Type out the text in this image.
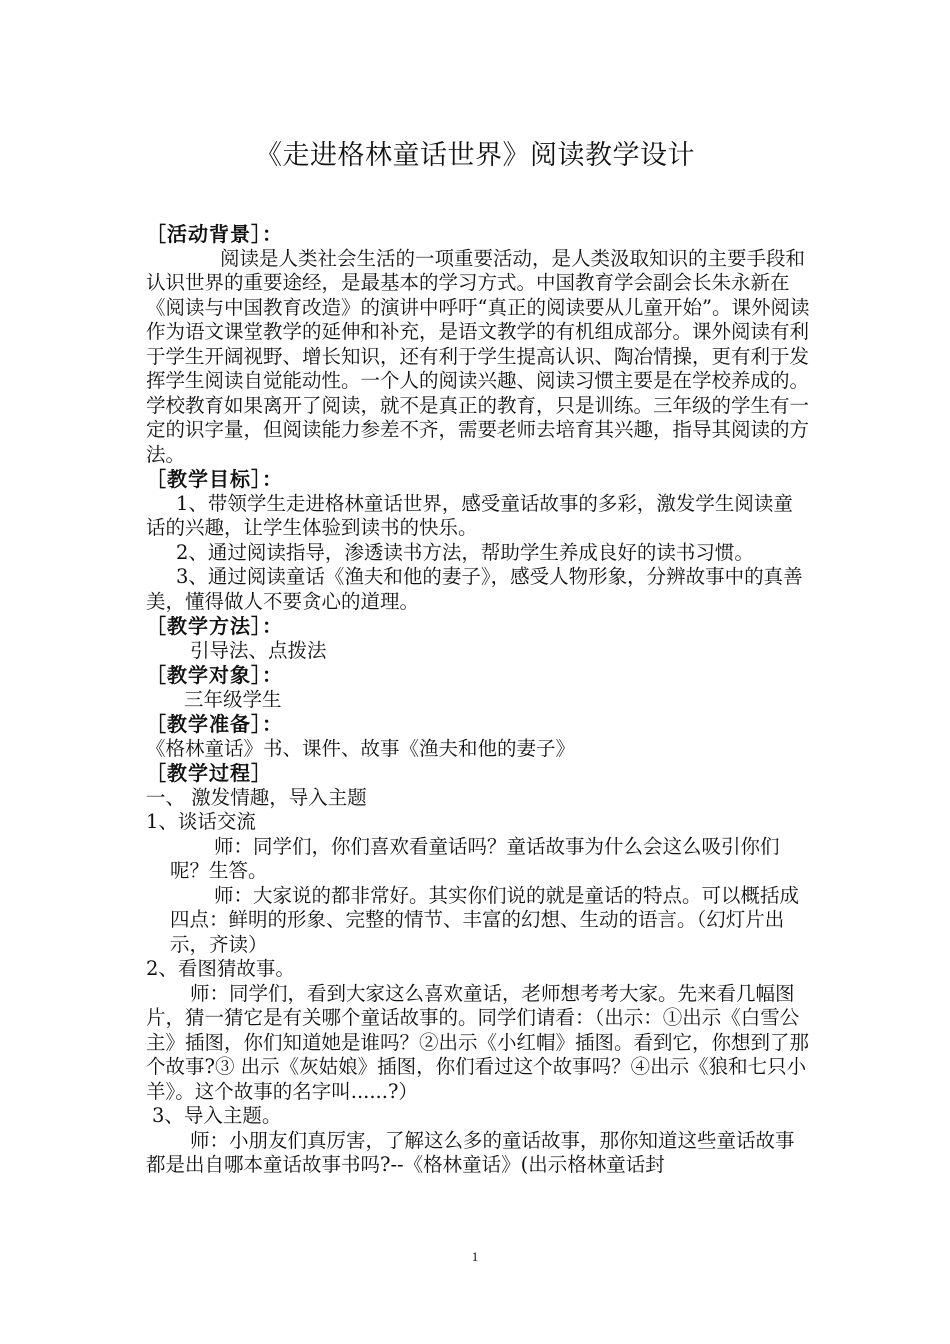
《走进格林童话世界》阅读教学设计

［活动背景］：

阅读是人类社会生活的一项重要活动，是人类汲取知识的主要手段和认识世界的重要途经，是最基本的学习方式。中国教育学会副会长朱永新在《阅读与中国教育改造》的演讲中呼吁“真正的阅读要从儿童开始”。课外阅读作为语文课堂教学的延伸和补充，是语文教学的有机组成部分。课外阅读有利于学生开阔视野、增长知识，还有利于学生提高认识、陶冶情操，更有利于发挥学生阅读自觉能动性。一个人的阅读兴趣、阅读习惯主要是在学校养成的。学校教育如果离开了阅读，就不是真正的教育，只是训练。三年级的学生有一定的识字量，但阅读能力参差不齐，需要老师去培育其兴趣，指导其阅读的方法。

［教学目标］：

1、带领学生走进格林童话世界，感受童话故事的多彩，激发学生阅读童话的兴趣，让学生体验到读书的快乐。

2、通过阅读指导，渗透读书方法，帮助学生养成良好的读书习惯。

3、通过阅读童话《渔夫和他的妻子》，感受人物形象，分辨故事中的真善美，懂得做人不要贪心的道理。

［教学方法］：

引导法、点拨法

［教学对象］：

三年级学生

［教学准备］：

《格林童话》书、课件、故事《渔夫和他的妻子》

［教学过程］

一、 激发情趣，导入主题

1、谈话交流

师：同学们，你们喜欢看童话吗？童话故事为什么会这么吸引你们呢？生答。

师：大家说的都非常好。其实你们说的就是童话的特点。可以概括成四点：鲜明的形象、完整的情节、丰富的幻想、生动的语言。（幻灯片出示，齐读）

2、看图猜故事。

师：同学们，看到大家这么喜欢童话，老师想考考大家。先来看几幅图片，猜一猜它是有关哪个童话故事的。同学们请看：（出示：①出示《白雪公主》插图，你们知道她是谁吗？②出示《小红帽》插图。看到它，你想到了那个故事?③ 出示《灰姑娘》插图，你们看过这个故事吗？④出示《狼和七只小羊》。这个故事的名字叫......?）

3、导入主题。

师：小朋友们真厉害，了解这么多的童话故事，那你知道这些童话故事都是出自哪本童话故事书吗?--《格林童话》(出示格林童话封

1
